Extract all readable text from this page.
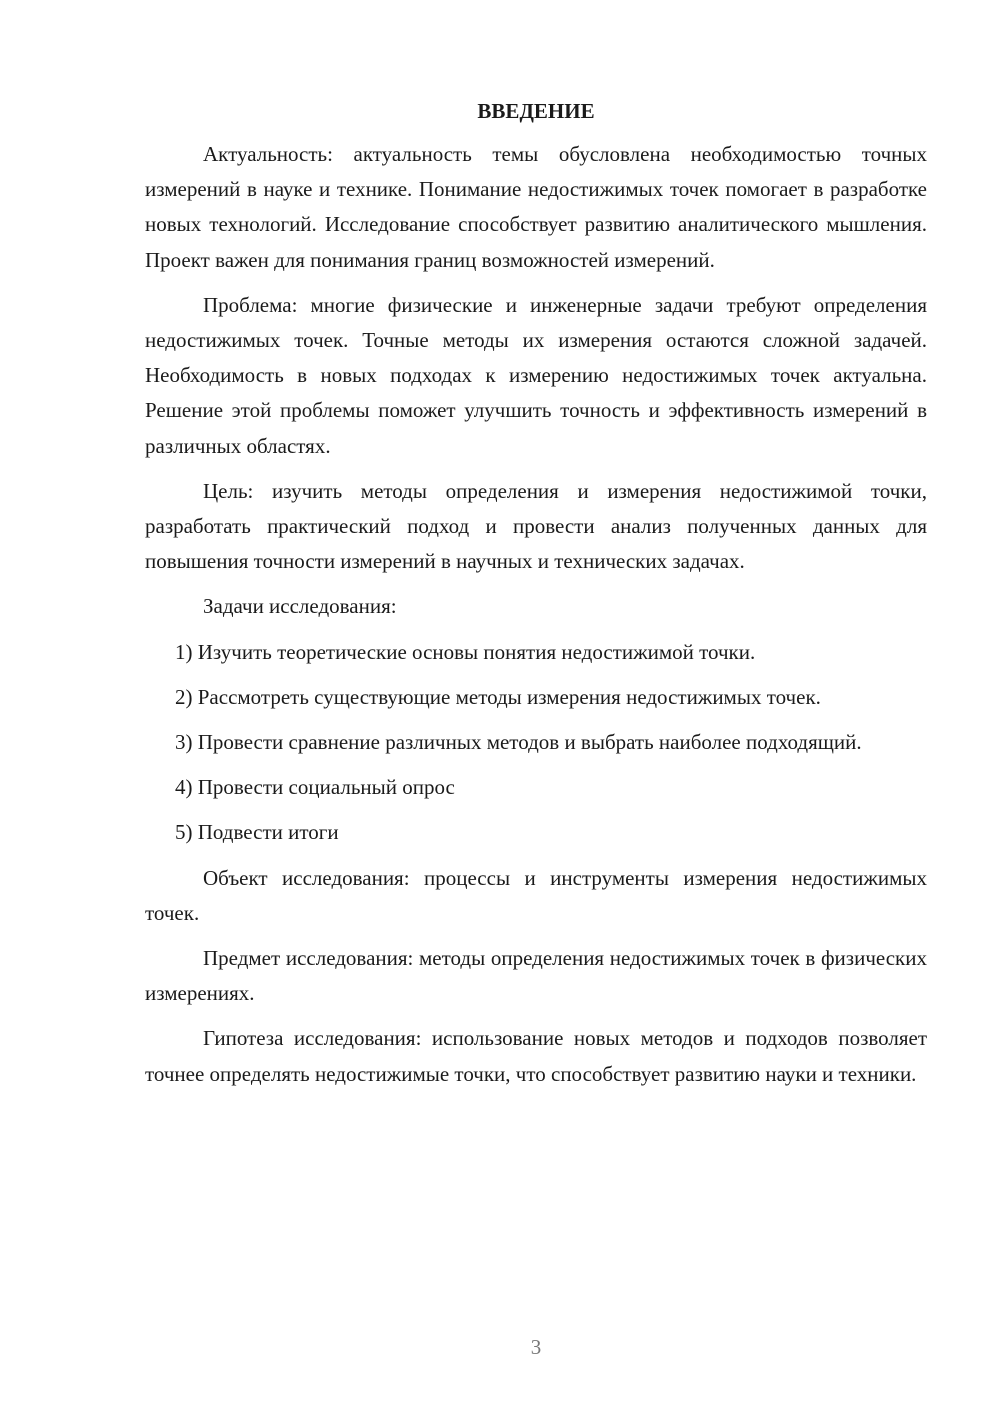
ВВЕДЕНИЕ

Актуальность: актуальность темы обусловлена необходимостью точных измерений в науке и технике. Понимание недостижимых точек помогает в разработке новых технологий. Исследование способствует развитию аналитического мышления. Проект важен для понимания границ возможностей измерений.

Проблема: многие физические и инженерные задачи требуют определения недостижимых точек. Точные методы их измерения остаются сложной задачей. Необходимость в новых подходах к измерению недостижимых точек актуальна. Решение этой проблемы поможет улучшить точность и эффективность измерений в различных областях.

Цель: изучить методы определения и измерения недостижимой точки, разработать практический подход и провести анализ полученных данных для повышения точности измерений в научных и технических задачах.

Задачи исследования:

1) Изучить теоретические основы понятия недостижимой точки.

2) Рассмотреть существующие методы измерения недостижимых точек.

3) Провести сравнение различных методов и выбрать наиболее подходящий.

4) Провести социальный опрос

5) Подвести итоги

Объект исследования: процессы и инструменты измерения недостижимых точек.

Предмет исследования: методы определения недостижимых точек в физических измерениях.

Гипотеза исследования: использование новых методов и подходов позволяет точнее определять недостижимые точки, что способствует развитию науки и техники.

3
